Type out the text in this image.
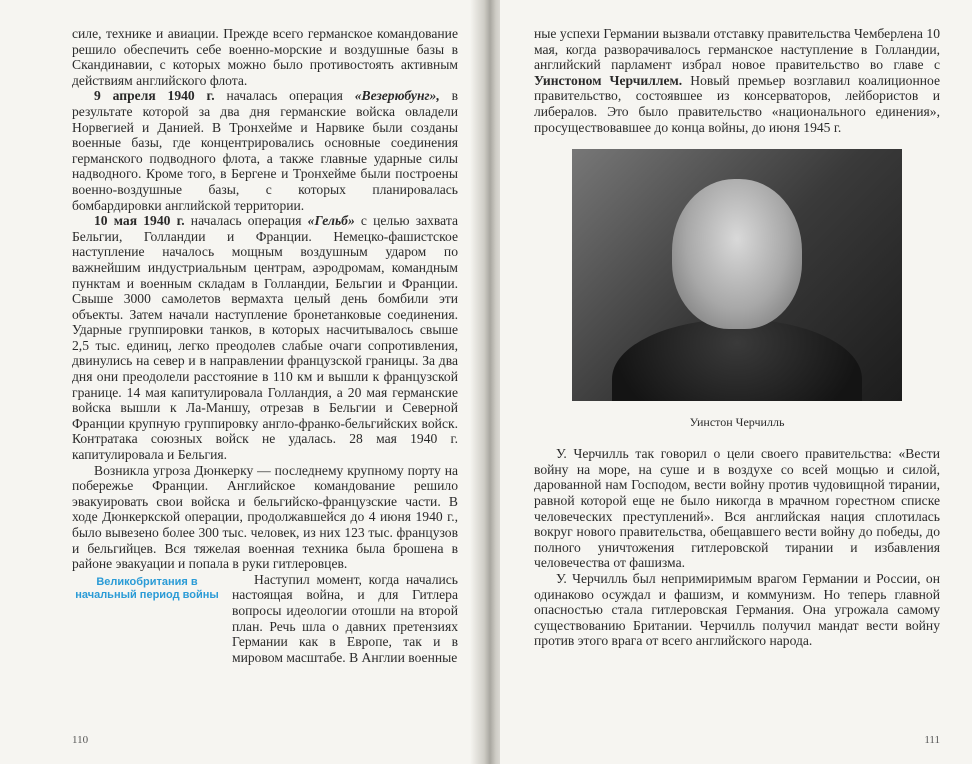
силе, технике и авиации. Прежде всего германское командование решило обеспечить себе военно-морские и воздушные базы в Скандинавии, с которых можно было противостоять активным действиям английского флота.

9 апреля 1940 г. началась операция «Везерюбунг», в результате которой за два дня германские войска овладели Норвегией и Данией. В Тронхейме и Нарвике были созданы военные базы, где концентрировались основные соединения германского подводного флота, а также главные ударные силы надводного. Кроме того, в Бергене и Тронхейме были построены военно-воздушные базы, с которых планировалась бомбардировки английской территории.

10 мая 1940 г. началась операция «Гельб» с целью захвата Бельгии, Голландии и Франции. Немецко-фашистское наступление началось мощным воздушным ударом по важнейшим индустриальным центрам, аэродромам, командным пунктам и военным складам в Голландии, Бельгии и Франции. Свыше 3000 самолетов вермахта целый день бомбили эти объекты. Затем начали наступление бронетанковые соединения. Ударные группировки танков, в которых насчитывалось свыше 2,5 тыс. единиц, легко преодолев слабые очаги сопротивления, двинулись на север и в направлении французской границы. За два дня они преодолели расстояние в 110 км и вышли к французской границе. 14 мая капитулировала Голландия, а 20 мая германские войска вышли к Ла-Маншу, отрезав в Бельгии и Северной Франции крупную группировку англо-франко-бельгийских войск. Контратака союзных войск не удалась. 28 мая 1940 г. капитулировала и Бельгия.

Возникла угроза Дюнкерку — последнему крупному порту на побережье Франции. Английское командование решило эвакуировать свои войска и бельгийско-французские части. В ходе Дюнкеркской операции, продолжавшейся до 4 июня 1940 г., было вывезено более 300 тыс. человек, из них 123 тыс. французов и бельгийцев. Вся тяжелая военная техника была брошена в районе эвакуации и попала в руки гитлеровцев.

Великобритания в начальный период войны

Наступил момент, когда начались настоящая война, и для Гитлера вопросы идеологии отошли на второй план. Речь шла о давних претензиях Германии как в Европе, так и в мировом масштабе. В Англии военные

110

ные успехи Германии вызвали отставку правительства Чемберлена 10 мая, когда разворачивалось германское наступление в Голландии, английский парламент избрал новое правительство во главе с Уинстоном Черчиллем. Новый премьер возглавил коалиционное правительство, состоявшее из консерваторов, лейбористов и либералов. Это было правительство «национального единения», просуществовавшее до конца войны, до июня 1945 г.

Уинстон Черчилль

У. Черчилль так говорил о цели своего правительства: «Вести войну на море, на суше и в воздухе со всей мощью и силой, дарованной нам Господом, вести войну против чудовищной тирании, равной которой еще не было никогда в мрачном горестном списке человеческих преступлений». Вся английская нация сплотилась вокруг нового правительства, обещавшего вести войну до победы, до полного уничтожения гитлеровской тирании и избавления человечества от фашизма.

У. Черчилль был непримиримым врагом Германии и России, он одинаково осуждал и фашизм, и коммунизм. Но теперь главной опасностью стала гитлеровская Германия. Она угрожала самому существованию Британии. Черчилль получил мандат вести войну против этого врага от всего английского народа.

111
